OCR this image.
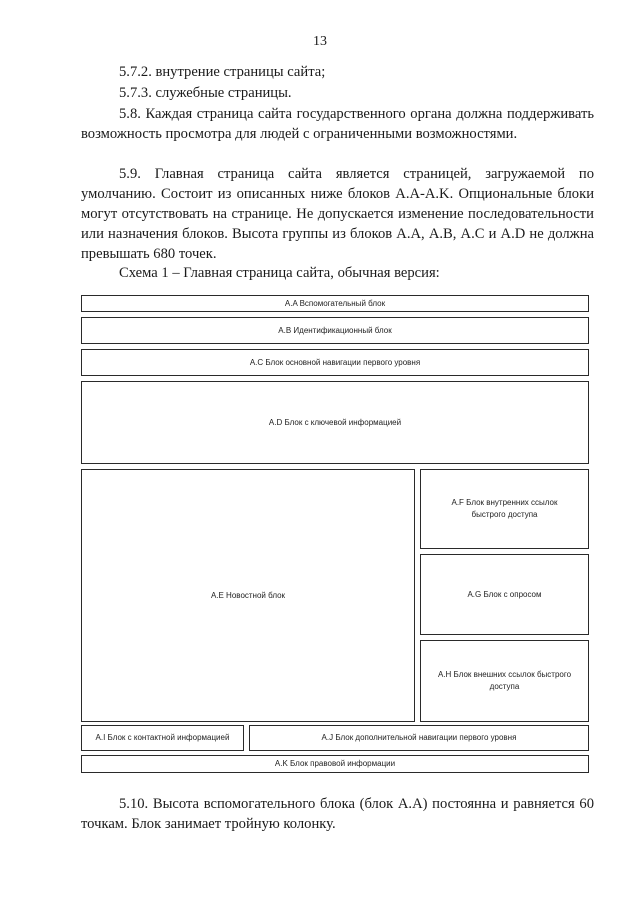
13

5.7.2. внутрение страницы сайта;

5.7.3. служебные страницы.

5.8. Каждая страница сайта государственного органа должна поддерживать возможность просмотра для людей с ограниченными возможностями.

5.9. Главная страница сайта является страницей, загружаемой по умолчанию. Состоит из описанных ниже блоков A.A-A.K. Опциональные блоки могут отсутствовать на странице. Не допускается изменение последовательности или назначения блоков. Высота группы из блоков А.А, А.В, А.С и A.D не должна превышать 680 точек.

Схема 1 – Главная страница сайта, обычная версия:

A.A Вспомогательный блок
A.B Идентификационный блок
A.C Блок основной навигации первого уровня
A.D Блок с ключевой информацией
A.E Новостной блок
A.F Блок внутренних ссылок быстрого доступа
A.G Блок с опросом
A.H Блок внешних ссылок быстрого доступа
A.I Блок с контактной информацией	A.J Блок дополнительной навигации первого уровня
A.K Блок правовой информации

5.10. Высота вспомогательного блока (блок А.А) постоянна и равняется 60 точкам. Блок занимает тройную колонку.
